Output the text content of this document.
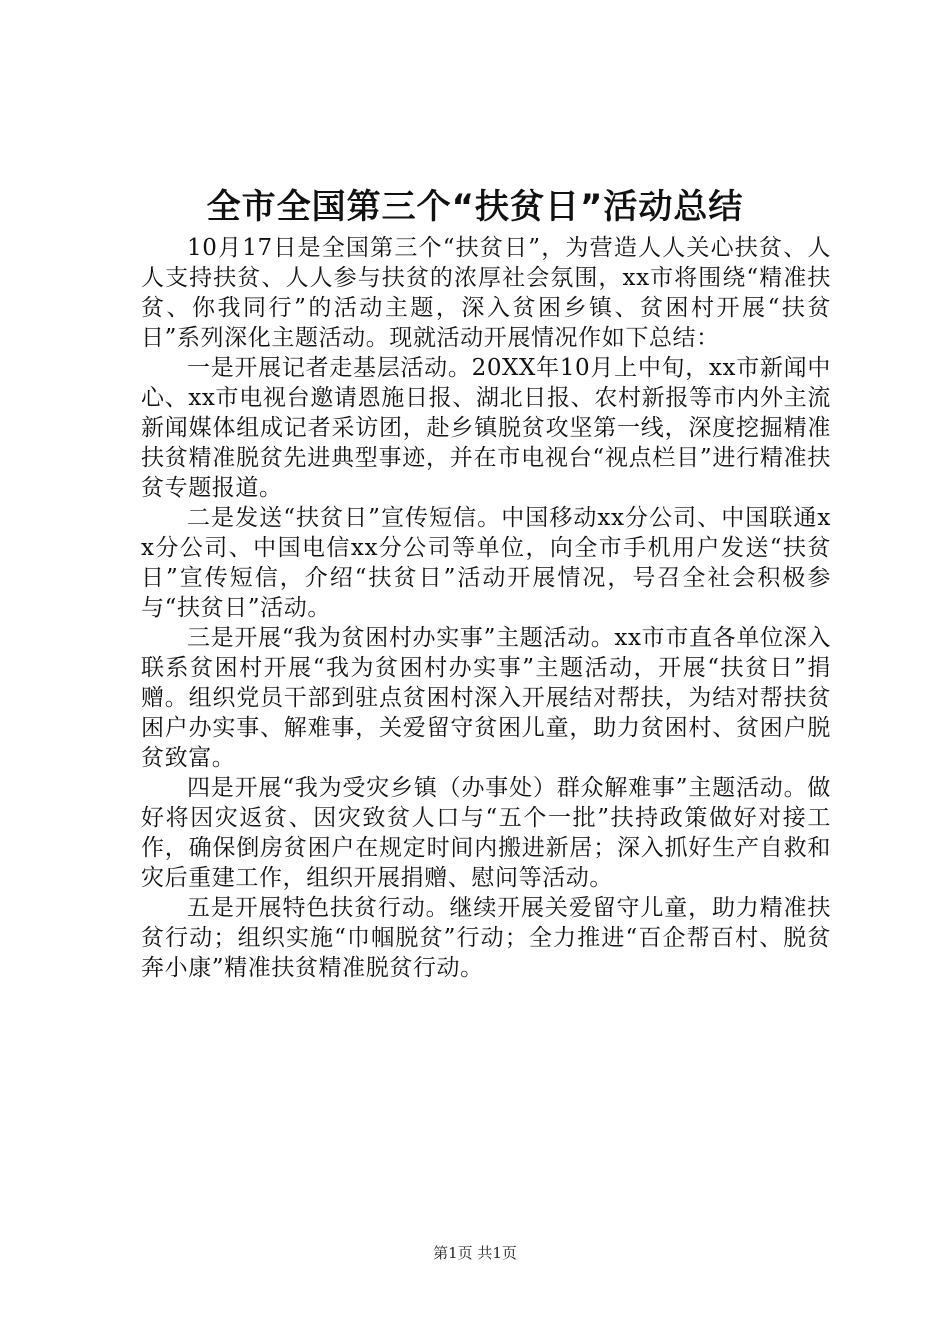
全市全国第三个“扶贫日”活动总结

10月17日是全国第三个“扶贫日”，为营造人人关心扶贫、人人支持扶贫、人人参与扶贫的浓厚社会氛围，xx市将围绕“精准扶贫、你我同行”的活动主题，深入贫困乡镇、贫困村开展“扶贫日”系列深化主题活动。现就活动开展情况作如下总结：

一是开展记者走基层活动。20XX年10月上中旬，xx市新闻中心、xx市电视台邀请恩施日报、湖北日报、农村新报等市内外主流新闻媒体组成记者采访团，赴乡镇脱贫攻坚第一线，深度挖掘精准扶贫精准脱贫先进典型事迹，并在市电视台“视点栏目”进行精准扶贫专题报道。

二是发送“扶贫日”宣传短信。中国移动xx分公司、中国联通xx分公司、中国电信xx分公司等单位，向全市手机用户发送“扶贫日”宣传短信，介绍“扶贫日”活动开展情况，号召全社会积极参与“扶贫日”活动。

三是开展“我为贫困村办实事”主题活动。xx市市直各单位深入联系贫困村开展“我为贫困村办实事”主题活动，开展“扶贫日”捐赠。组织党员干部到驻点贫困村深入开展结对帮扶，为结对帮扶贫困户办实事、解难事，关爱留守贫困儿童，助力贫困村、贫困户脱贫致富。

四是开展“我为受灾乡镇（办事处）群众解难事”主题活动。做好将因灾返贫、因灾致贫人口与“五个一批”扶持政策做好对接工作，确保倒房贫困户在规定时间内搬进新居；深入抓好生产自救和灾后重建工作，组织开展捐赠、慰问等活动。

五是开展特色扶贫行动。继续开展关爱留守儿童，助力精准扶贫行动；组织实施“巾帼脱贫”行动；全力推进“百企帮百村、脱贫奔小康”精准扶贫精准脱贫行动。

第1页 共1页
